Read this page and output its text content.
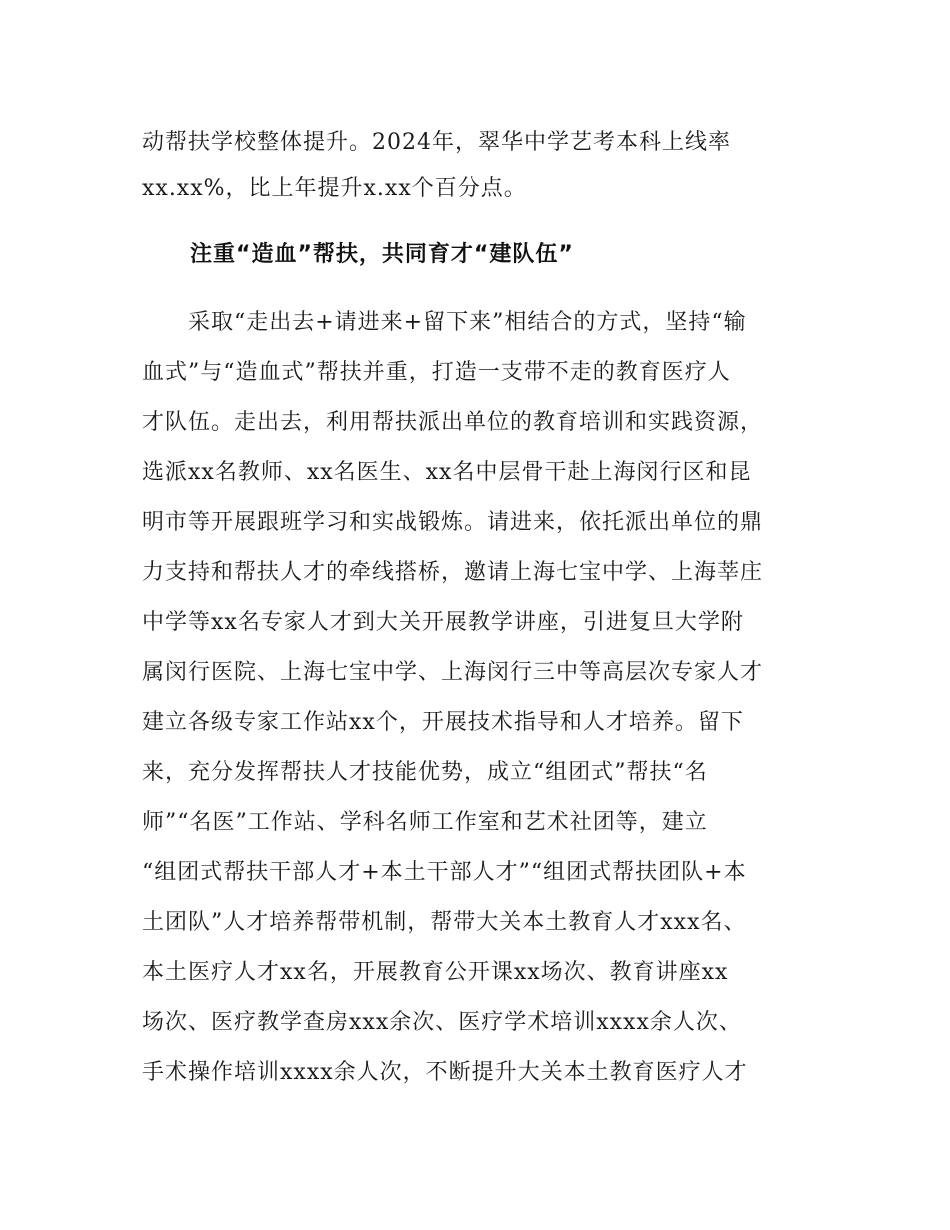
动帮扶学校整体提升。2024年，翠华中学艺考本科上线率
xx.xx%，比上年提升x.xx个百分点。
注重“造血”帮扶，共同育才“建队伍”
　　采取“走出去+请进来+留下来”相结合的方式，坚持“输
血式”与“造血式”帮扶并重，打造一支带不走的教育医疗人
才队伍。走出去，利用帮扶派出单位的教育培训和实践资源，
选派xx名教师、xx名医生、xx名中层骨干赴上海闵行区和昆
明市等开展跟班学习和实战锻炼。请进来，依托派出单位的鼎
力支持和帮扶人才的牵线搭桥，邀请上海七宝中学、上海莘庄
中学等xx名专家人才到大关开展教学讲座，引进复旦大学附
属闵行医院、上海七宝中学、上海闵行三中等高层次专家人才
建立各级专家工作站xx个，开展技术指导和人才培养。留下
来，充分发挥帮扶人才技能优势，成立“组团式”帮扶“名
师”“名医”工作站、学科名师工作室和艺术社团等，建立
“组团式帮扶干部人才+本土干部人才”“组团式帮扶团队+本
土团队”人才培养帮带机制，帮带大关本土教育人才xxx名、
本土医疗人才xx名，开展教育公开课xx场次、教育讲座xx
场次、医疗教学查房xxx余次、医疗学术培训xxxx余人次、
手术操作培训xxxx余人次，不断提升大关本土教育医疗人才
